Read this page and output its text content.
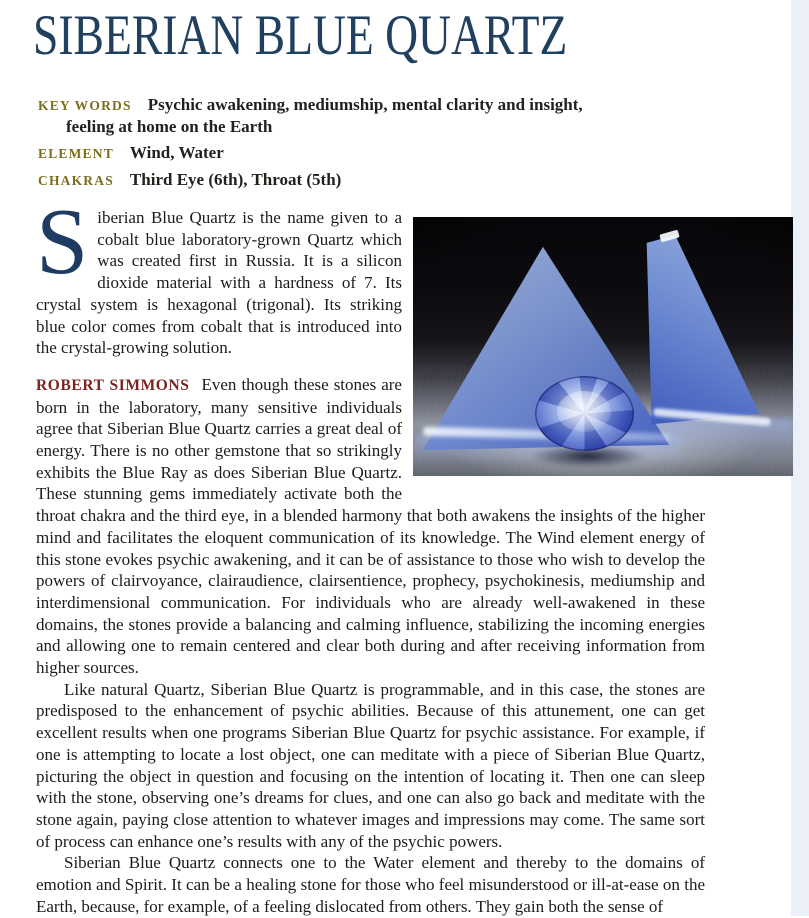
SIBERIAN BLUE QUARTZ

KEY WORDS Psychic awakening, mediumship, mental clarity and insight, feeling at home on the Earth

ELEMENT Wind, Water

CHAKRAS Third Eye (6th), Throat (5th)

Siberian Blue Quartz is the name given to a cobalt blue laboratory-grown Quartz which was created first in Russia. It is a silicon dioxide material with a hardness of 7. Its crystal system is hexagonal (trigonal). Its striking blue color comes from cobalt that is introduced into the crystal-growing solution.

ROBERT SIMMONS Even though these stones are born in the laboratory, many sensitive individuals agree that Siberian Blue Quartz carries a great deal of energy. There is no other gemstone that so strikingly exhibits the Blue Ray as does Siberian Blue Quartz. These stunning gems immediately activate both the throat chakra and the third eye, in a blended harmony that both awakens the insights of the higher mind and facilitates the eloquent communication of its knowledge. The Wind element energy of this stone evokes psychic awakening, and it can be of assistance to those who wish to develop the powers of clairvoyance, clairaudience, clairsentience, prophecy, psychokinesis, mediumship and interdimensional communication. For individuals who are already well-awakened in these domains, the stones provide a balancing and calming influence, stabilizing the incoming energies and allowing one to remain centered and clear both during and after receiving information from higher sources.

Like natural Quartz, Siberian Blue Quartz is programmable, and in this case, the stones are predisposed to the enhancement of psychic abilities. Because of this attunement, one can get excellent results when one programs Siberian Blue Quartz for psychic assistance. For example, if one is attempting to locate a lost object, one can meditate with a piece of Siberian Blue Quartz, picturing the object in question and focusing on the intention of locating it. Then one can sleep with the stone, observing one’s dreams for clues, and one can also go back and meditate with the stone again, paying close attention to whatever images and impressions may come. The same sort of process can enhance one’s results with any of the psychic powers.

Siberian Blue Quartz connects one to the Water element and thereby to the domains of emotion and Spirit. It can be a healing stone for those who feel misunderstood or ill-at-ease on the Earth, because, for example, of a feeling dislocated from others. They gain both the sense of
